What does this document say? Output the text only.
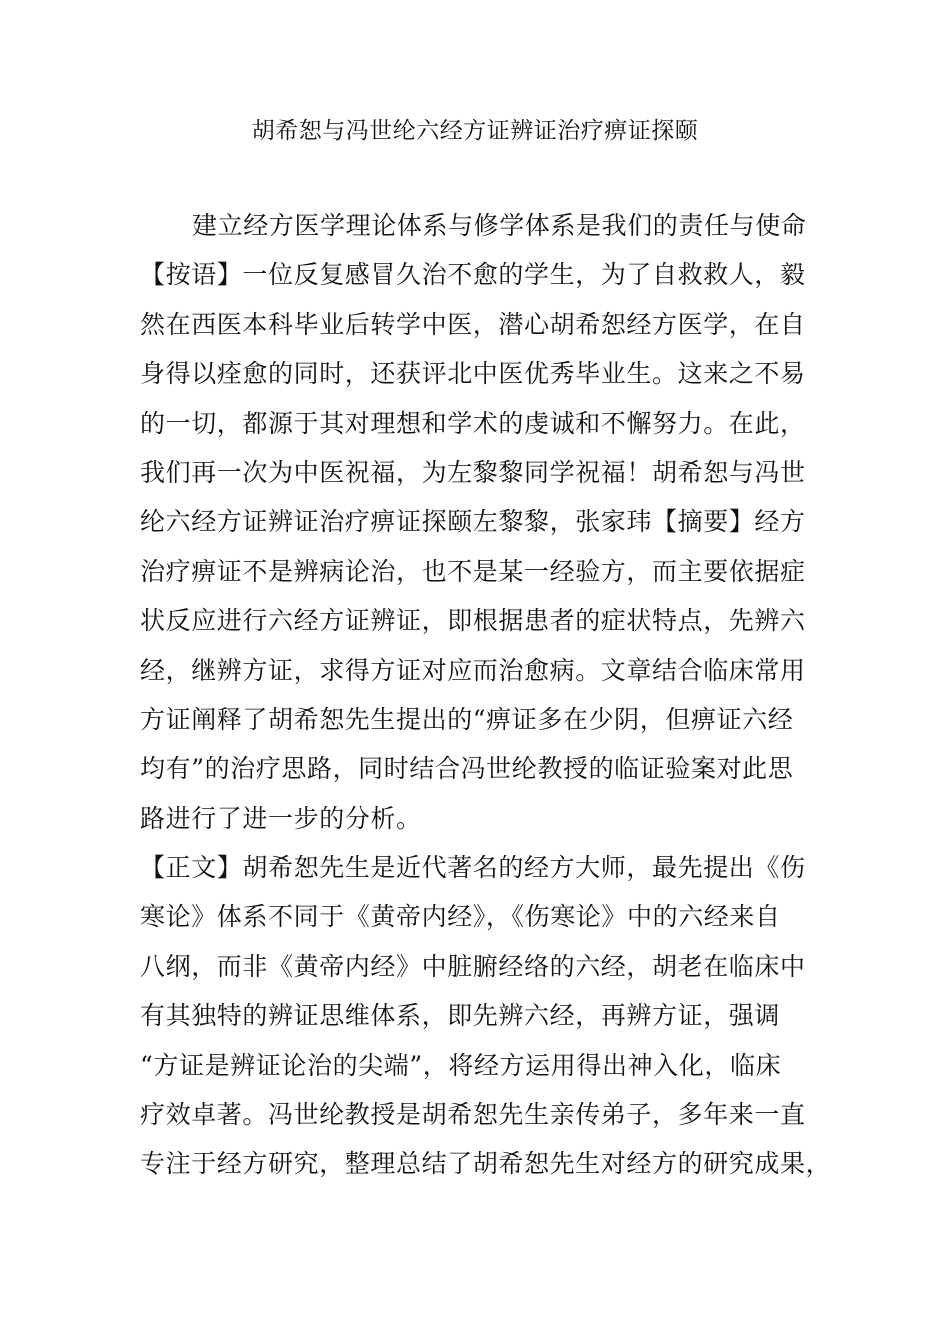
胡希恕与冯世纶六经方证辨证治疗痹证探颐
建立经方医学理论体系与修学体系是我们的责任与使命
【按语】一位反复感冒久治不愈的学生，为了自救救人，毅
然在西医本科毕业后转学中医，潜心胡希恕经方医学，在自
身得以痊愈的同时，还获评北中医优秀毕业生。这来之不易
的一切，都源于其对理想和学术的虔诚和不懈努力。在此，
我们再一次为中医祝福，为左黎黎同学祝福！胡希恕与冯世
纶六经方证辨证治疗痹证探颐左黎黎，张家玮【摘要】经方
治疗痹证不是辨病论治，也不是某一经验方，而主要依据症
状反应进行六经方证辨证，即根据患者的症状特点，先辨六
经，继辨方证，求得方证对应而治愈病。文章结合临床常用
方证阐释了胡希恕先生提出的“痹证多在少阴，但痹证六经
均有”的治疗思路，同时结合冯世纶教授的临证验案对此思
路进行了进一步的分析。
【正文】胡希恕先生是近代著名的经方大师，最先提出《伤
寒论》体系不同于《黄帝内经》，《伤寒论》中的六经来自
八纲，而非《黄帝内经》中脏腑经络的六经，胡老在临床中
有其独特的辨证思维体系，即先辨六经，再辨方证，强调
“方证是辨证论治的尖端”，将经方运用得出神入化，临床
疗效卓著。冯世纶教授是胡希恕先生亲传弟子，多年来一直
专注于经方研究，整理总结了胡希恕先生对经方的研究成果，
